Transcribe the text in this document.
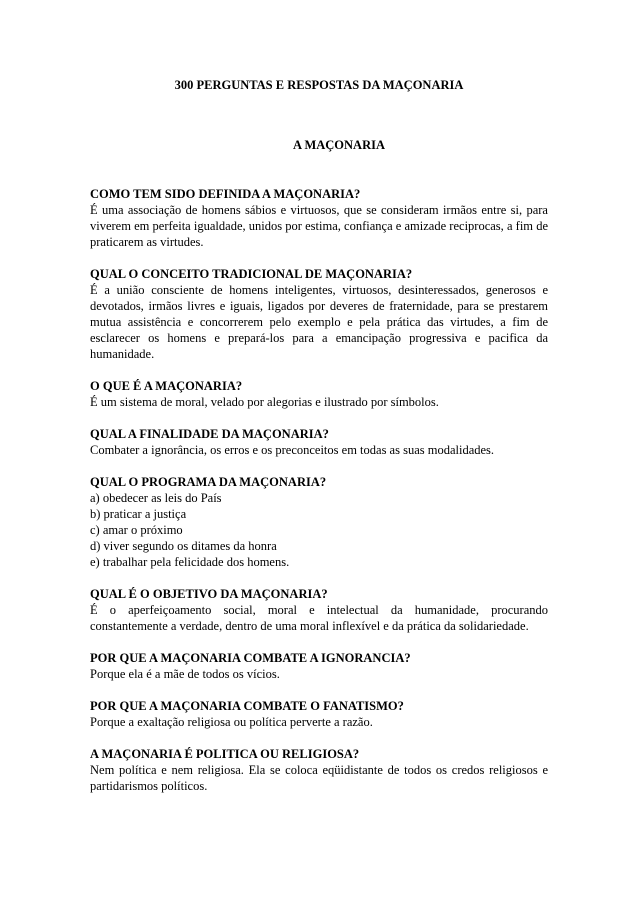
300 PERGUNTAS E RESPOSTAS DA MAÇONARIA
A MAÇONARIA

COMO TEM SIDO DEFINIDA A MAÇONARIA?

É uma associação de homens sábios e virtuosos, que se consideram irmãos entre si, para viverem em perfeita igualdade, unidos por estima, confiança e amizade reciprocas, a fim de praticarem as virtudes.

QUAL O CONCEITO TRADICIONAL DE MAÇONARIA?

É a união consciente de homens inteligentes, virtuosos, desinteressados, generosos e devotados, irmãos livres e iguais, ligados por deveres de fraternidade, para se prestarem mutua assistência e concorrerem pelo exemplo e pela prática das virtudes, a fim de esclarecer os homens e prepará-los para a emancipação progressiva e pacifica da humanidade.

O QUE É A MAÇONARIA?

É um sistema de moral, velado por alegorias e ilustrado por símbolos.

QUAL A FINALIDADE DA MAÇONARIA?

Combater a ignorância, os erros e os preconceitos em todas as suas modalidades.

QUAL O PROGRAMA DA MAÇONARIA?

a) obedecer as leis do País

b) praticar a justiça

c) amar o próximo

d) viver segundo os ditames da honra

e) trabalhar pela felicidade dos homens.

QUAL É O OBJETIVO DA MAÇONARIA?

É o aperfeiçoamento social, moral e intelectual da humanidade, procurando constantemente a verdade, dentro de uma moral inflexível e da prática da solidariedade.

POR QUE A MAÇONARIA COMBATE A IGNORANCIA?

Porque ela é a mãe de todos os vícios.

POR QUE A MAÇONARIA COMBATE O FANATISMO?

Porque a exaltação religiosa ou política perverte a razão.

A MAÇONARIA É POLITICA OU RELIGIOSA?

Nem política e nem religiosa. Ela se coloca eqüidistante de todos os credos religiosos e partidarismos políticos.
